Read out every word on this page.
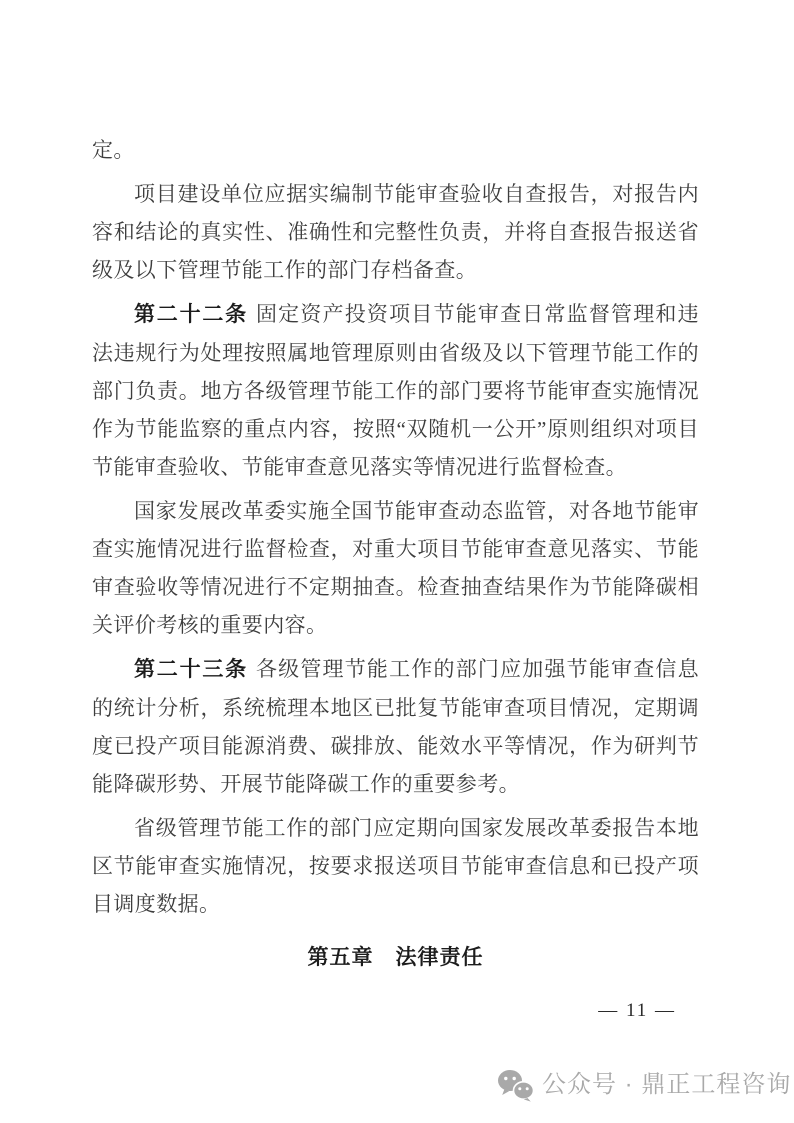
定。

项目建设单位应据实编制节能审查验收自查报告，对报告内容和结论的真实性、准确性和完整性负责，并将自查报告报送省级及以下管理节能工作的部门存档备查。

第二十二条 固定资产投资项目节能审查日常监督管理和违法违规行为处理按照属地管理原则由省级及以下管理节能工作的部门负责。地方各级管理节能工作的部门要将节能审查实施情况作为节能监察的重点内容，按照“双随机一公开”原则组织对项目节能审查验收、节能审查意见落实等情况进行监督检查。

国家发展改革委实施全国节能审查动态监管，对各地节能审查实施情况进行监督检查，对重大项目节能审查意见落实、节能审查验收等情况进行不定期抽查。检查抽查结果作为节能降碳相关评价考核的重要内容。

第二十三条 各级管理节能工作的部门应加强节能审查信息的统计分析，系统梳理本地区已批复节能审查项目情况，定期调度已投产项目能源消费、碳排放、能效水平等情况，作为研判节能降碳形势、开展节能降碳工作的重要参考。

省级管理节能工作的部门应定期向国家发展改革委报告本地区节能审查实施情况，按要求报送项目节能审查信息和已投产项目调度数据。

第五章　法律责任
— 11 —
公众号 · 鼎正工程咨询
